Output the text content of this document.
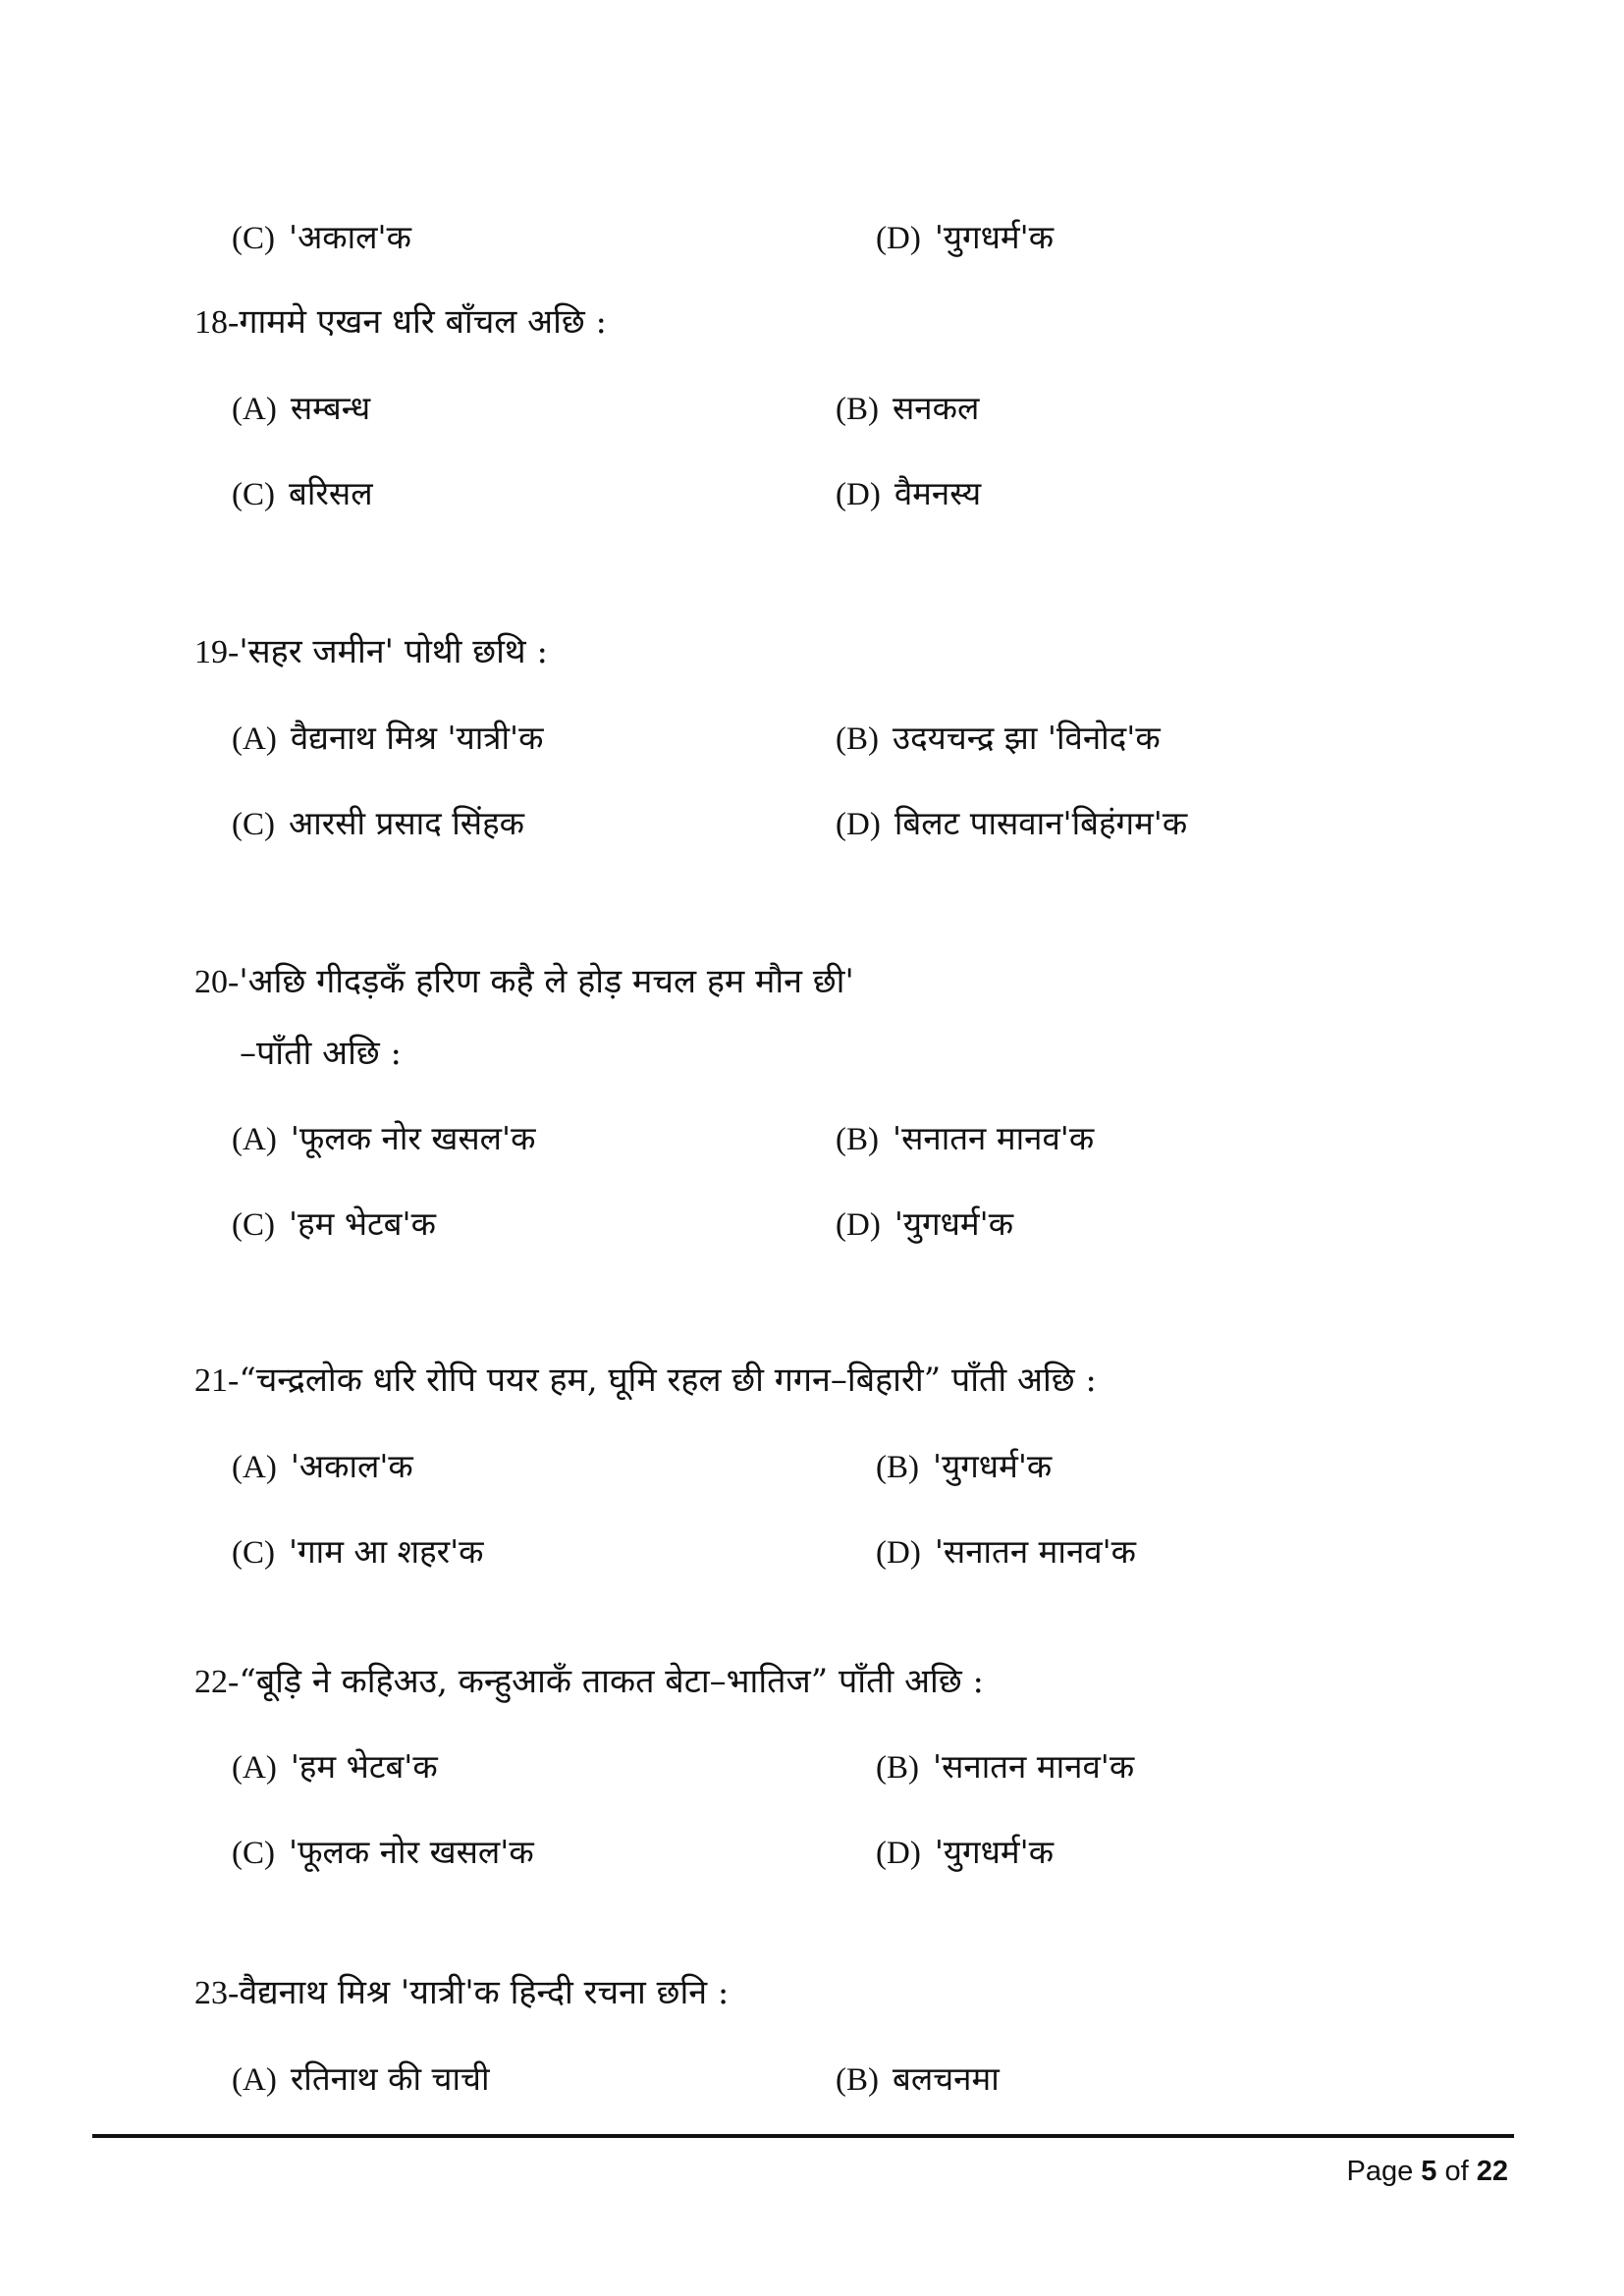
(C) 'अकाल'क	(D) 'युगधर्म'क
18-गाममे एखन धरि बाँचल अछि :
(A) सम्बन्ध	(B) सनकल
(C) बरिसल	(D) वैमनस्य
19-'सहर जमीन' पोथी छथि :
(A) वैद्यनाथ मिश्र 'यात्री'क	(B) उदयचन्द्र झा 'विनोद'क
(C) आरसी प्रसाद सिंहक	(D) बिलट पासवान'बिहंगम'क
20-'अछि गीदड़कँ हरिण कहै ले होड़ मचल हम मौन छी'
–पाँती अछि :
(A) 'फूलक नोर खसल'क	(B) 'सनातन मानव'क
(C) 'हम भेटब'क	(D) 'युगधर्म'क
21-“चन्द्रलोक धरि रोपि पयर हम, घूमि रहल छी गगन–बिहारी” पाँती अछि :
(A) 'अकाल'क	(B) 'युगधर्म'क
(C) 'गाम आ शहर'क	(D) 'सनातन मानव'क
22-“बूड़ि ने कहिअउ, कन्हुआकँ ताकत बेटा–भातिज” पाँती अछि :
(A) 'हम भेटब'क	(B) 'सनातन मानव'क
(C) 'फूलक नोर खसल'क	(D) 'युगधर्म'क
23-वैद्यनाथ मिश्र 'यात्री'क हिन्दी रचना छनि :
(A) रतिनाथ की चाची	(B) बलचनमा
Page 5 of 22
